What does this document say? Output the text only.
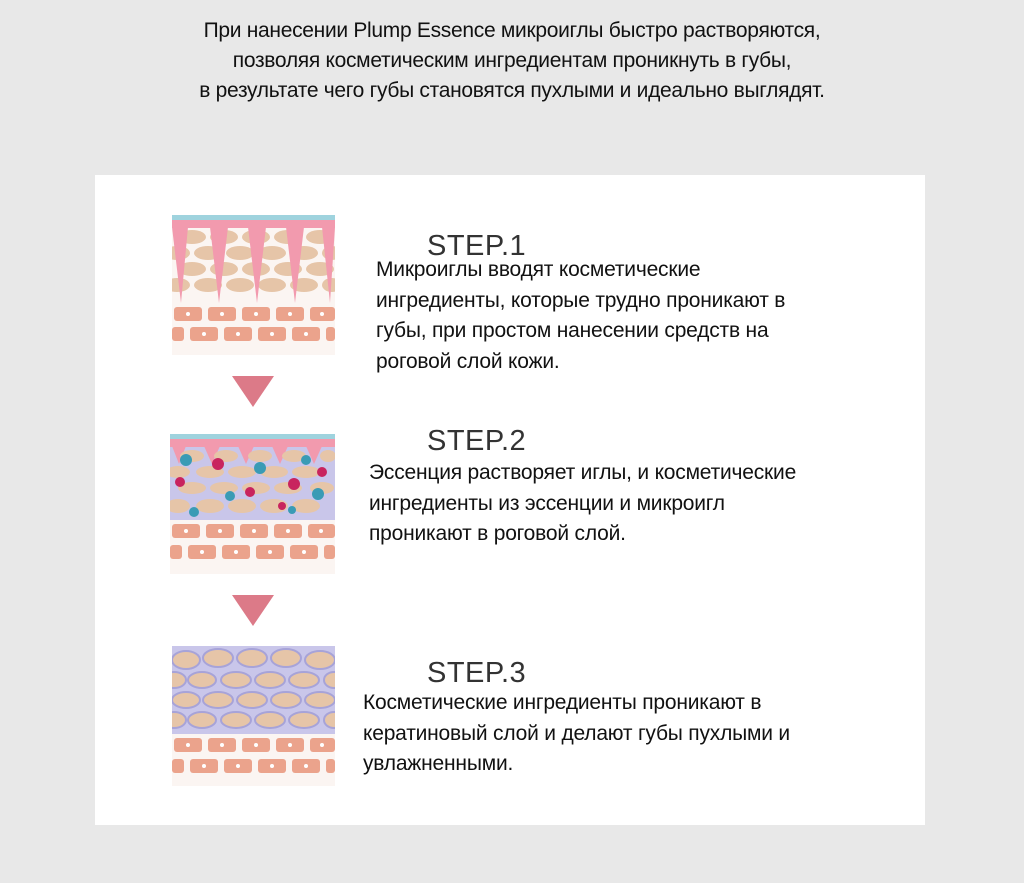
При нанесении Plump Essence микроиглы быстро растворяются,
позволяя косметическим ингредиентам проникнуть в губы,
в результате чего губы становятся пухлыми и идеально выглядят.
STEP.1
Микроиглы вводят косметические
ингредиенты, которые трудно проникают в
губы, при простом нанесении средств на
роговой слой кожи.
STEP.2
Эссенция растворяет иглы, и косметические
ингредиенты из эссенции и микроигл
проникают в роговой слой.
STEP.3
Косметические ингредиенты проникают в
кератиновый слой и делают губы пухлыми и
увлажненными.
